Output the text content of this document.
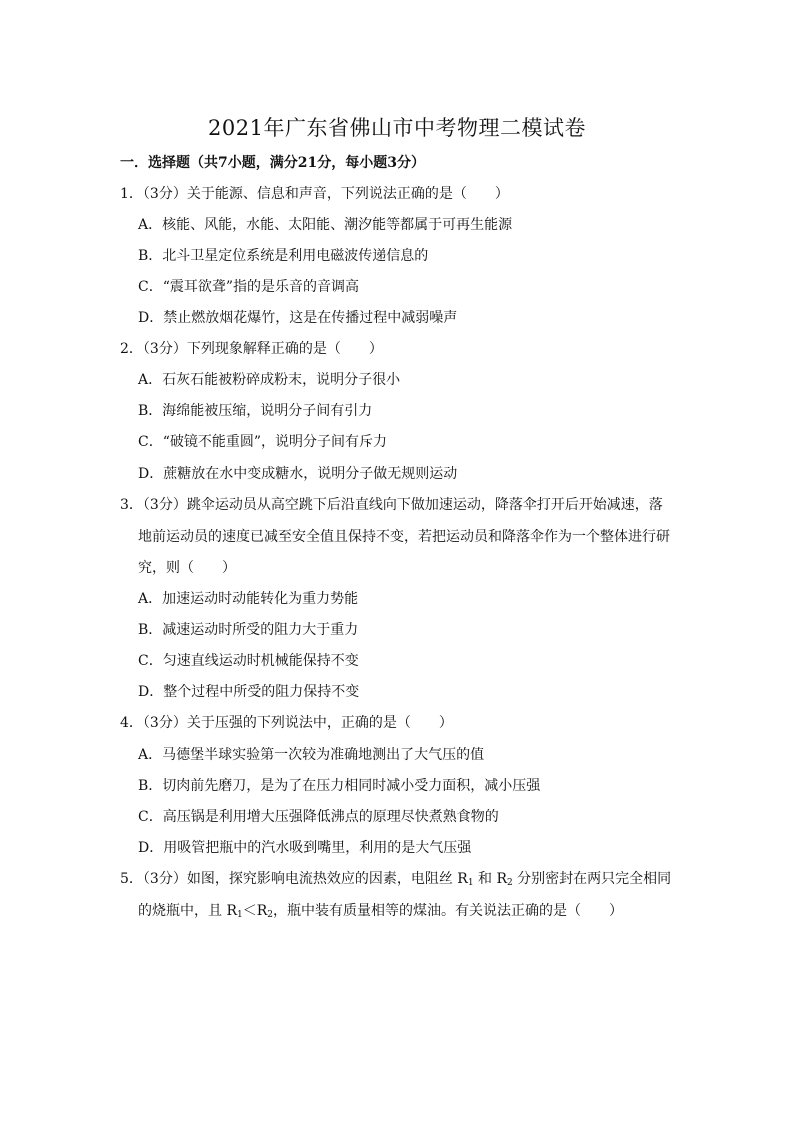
2021年广东省佛山市中考物理二模试卷
一．选择题（共7小题，满分21分，每小题3分）
1．（3分）关于能源、信息和声音，下列说法正确的是（　　）
A．核能、风能，水能、太阳能、潮汐能等都属于可再生能源
B．北斗卫星定位系统是利用电磁波传递信息的
C．“震耳欲聋”指的是乐音的音调高
D．禁止燃放烟花爆竹，这是在传播过程中减弱噪声
2．（3分）下列现象解释正确的是（　　）
A．石灰石能被粉碎成粉末，说明分子很小
B．海绵能被压缩，说明分子间有引力
C．“破镜不能重圆”，说明分子间有斥力
D．蔗糖放在水中变成糖水，说明分子做无规则运动
3．（3分）跳伞运动员从高空跳下后沿直线向下做加速运动，降落伞打开后开始减速，落
地前运动员的速度已减至安全值且保持不变，若把运动员和降落伞作为一个整体进行研
究，则（　　）
A．加速运动时动能转化为重力势能
B．减速运动时所受的阻力大于重力
C．匀速直线运动时机械能保持不变
D．整个过程中所受的阻力保持不变
4．（3分）关于压强的下列说法中，正确的是（　　）
A．马德堡半球实验第一次较为准确地测出了大气压的值
B．切肉前先磨刀，是为了在压力相同时减小受力面积，减小压强
C．高压锅是利用增大压强降低沸点的原理尽快煮熟食物的
D．用吸管把瓶中的汽水吸到嘴里，利用的是大气压强
5．（3分）如图，探究影响电流热效应的因素，电阻丝 $R_1$ 和 $R_2$ 分别密封在两只完全相同
的烧瓶中，且 $R_1<R_2$，瓶中装有质量相等的煤油。有关说法正确的是（　　）
